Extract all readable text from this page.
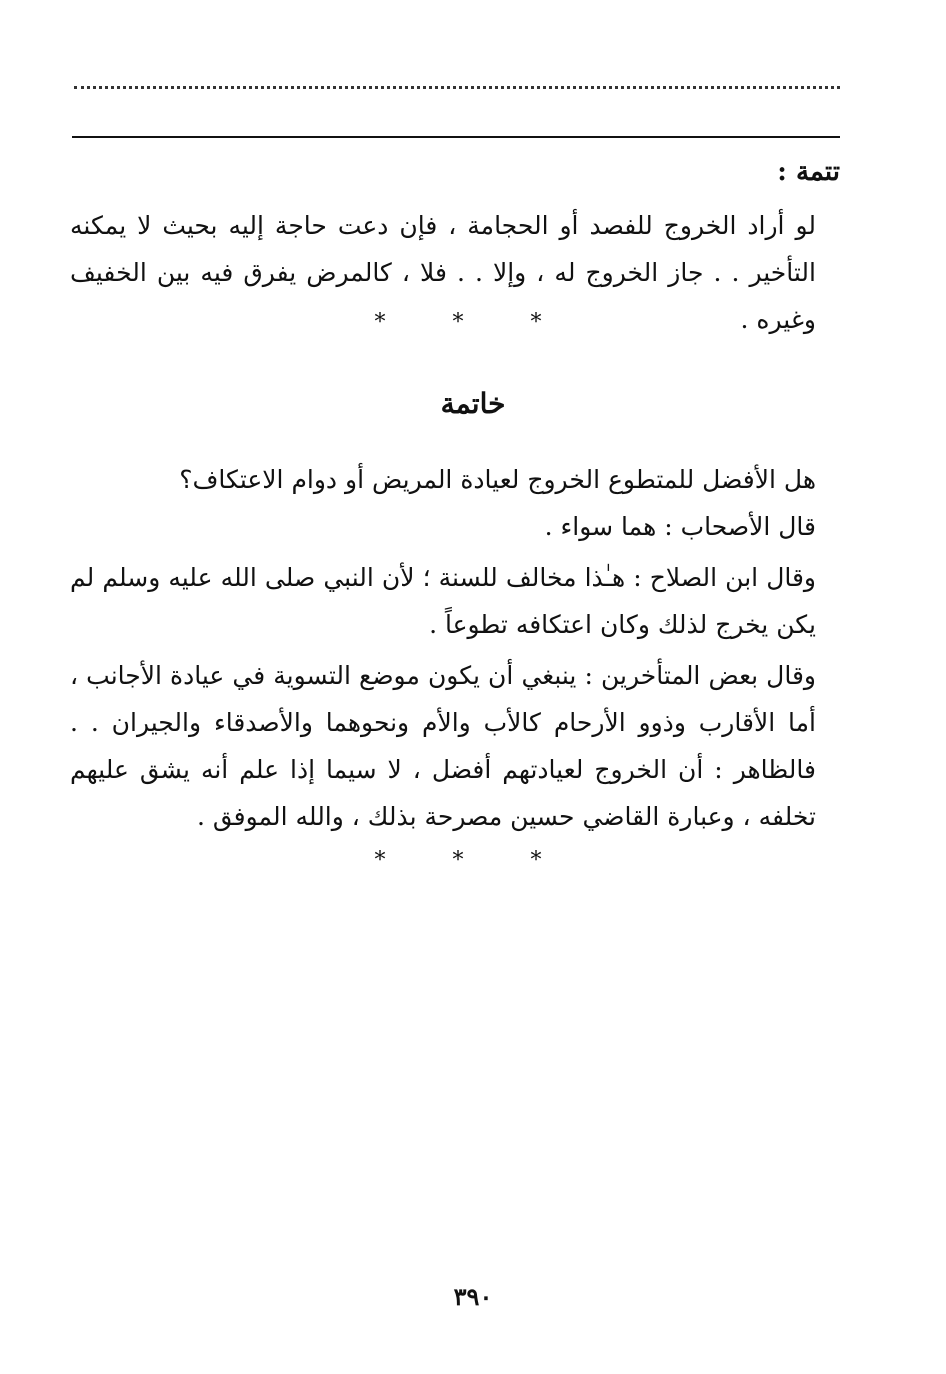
تتمة :

لو أراد الخروج للفصد أو الحجامة ، فإن دعت حاجة إليه بحيث لا يمكنه التأخير . . جاز الخروج له ، وإلا . . فلا ، كالمرض يفرق فيه بين الخفيف وغيره .

* * *
خاتمة

هل الأفضل للمتطوع الخروج لعيادة المريض أو دوام الاعتكاف؟

قال الأصحاب : هما سواء .

وقال ابن الصلاح : هـٰذا مخالف للسنة ؛ لأن النبي صلى الله عليه وسلم لم يكن يخرج لذلك وكان اعتكافه تطوعاً .

وقال بعض المتأخرين : ينبغي أن يكون موضع التسوية في عيادة الأجانب ، أما الأقارب وذوو الأرحام كالأب والأم ونحوهما والأصدقاء والجيران . . فالظاهر : أن الخروج لعيادتهم أفضل ، لا سيما إذا علم أنه يشق عليهم تخلفه ، وعبارة القاضي حسين مصرحة بذلك ، والله الموفق .

* * *

٣٩٠
